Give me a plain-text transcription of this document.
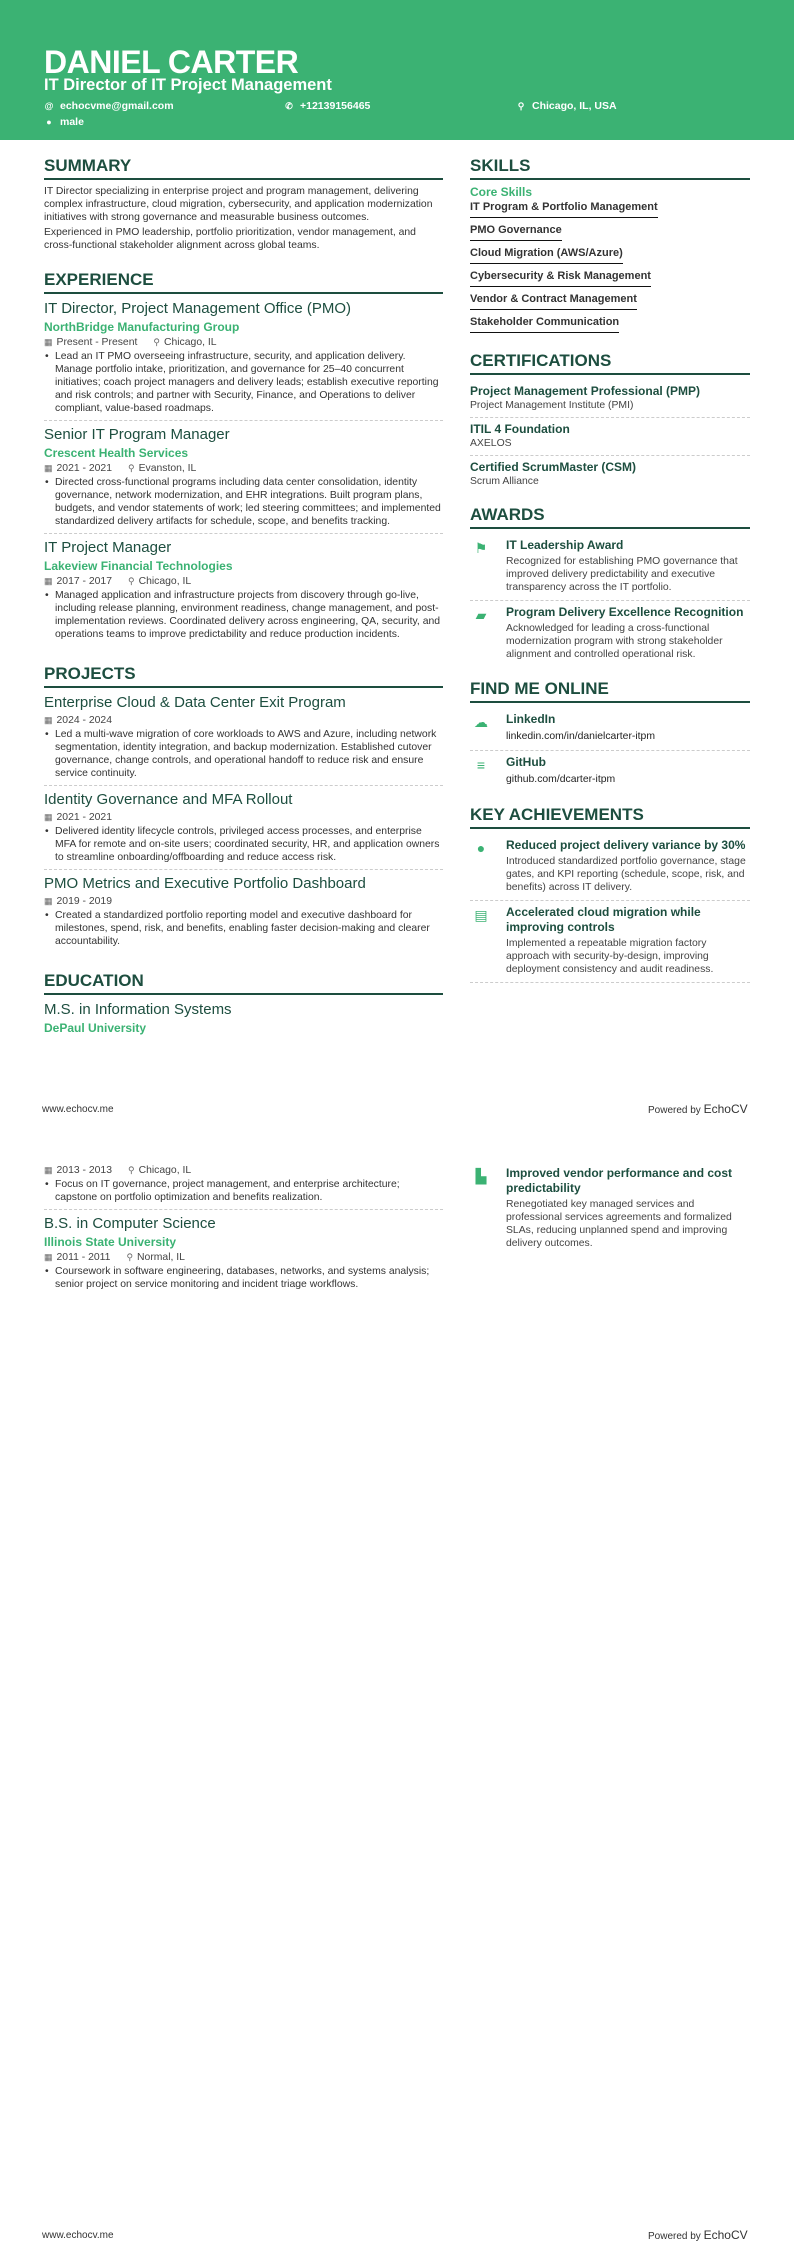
DANIEL CARTER
IT Director of IT Project Management
@ echocvme@gmail.com	✆ +12139156465	⚲ Chicago, IL, USA
● male
SUMMARY

IT Director specializing in enterprise project and program management, delivering complex infrastructure, cloud migration, cybersecurity, and application modernization initiatives with strong governance and measurable business outcomes.

Experienced in PMO leadership, portfolio prioritization, vendor management, and cross-functional stakeholder alignment across global teams.

EXPERIENCE
IT Director, Project Management Office (PMO)
NorthBridge Manufacturing Group
▦ Present - Present ⚲ Chicago, IL
• Lead an IT PMO overseeing infrastructure, security, and application delivery. Manage portfolio intake, prioritization, and governance for 25–40 concurrent initiatives; coach project managers and delivery leads; establish executive reporting and risk controls; and partner with Security, Finance, and Operations to deliver compliant, value-based roadmaps.
Senior IT Program Manager
Crescent Health Services
▦ 2021 - 2021 ⚲ Evanston, IL
• Directed cross-functional programs including data center consolidation, identity governance, network modernization, and EHR integrations. Built program plans, budgets, and vendor statements of work; led steering committees; and implemented standardized delivery artifacts for schedule, scope, and benefits tracking.
IT Project Manager
Lakeview Financial Technologies
▦ 2017 - 2017 ⚲ Chicago, IL
• Managed application and infrastructure projects from discovery through go-live, including release planning, environment readiness, change management, and post-implementation reviews. Coordinated delivery across engineering, QA, security, and operations teams to improve predictability and reduce production incidents.
PROJECTS
Enterprise Cloud & Data Center Exit Program
▦ 2024 - 2024
• Led a multi-wave migration of core workloads to AWS and Azure, including network segmentation, identity integration, and backup modernization. Established cutover governance, change controls, and operational handoff to reduce risk and ensure service continuity.
Identity Governance and MFA Rollout
▦ 2021 - 2021
• Delivered identity lifecycle controls, privileged access processes, and enterprise MFA for remote and on-site users; coordinated security, HR, and application owners to streamline onboarding/offboarding and reduce access risk.
PMO Metrics and Executive Portfolio Dashboard
▦ 2019 - 2019
• Created a standardized portfolio reporting model and executive dashboard for milestones, spend, risk, and benefits, enabling faster decision-making and clearer accountability.
EDUCATION
M.S. in Information Systems
DePaul University
SKILLS
Core Skills
IT Program & Portfolio Management
PMO Governance
Cloud Migration (AWS/Azure)
Cybersecurity & Risk Management
Vendor & Contract Management
Stakeholder Communication
CERTIFICATIONS
Project Management Professional (PMP)
Project Management Institute (PMI)
ITIL 4 Foundation
AXELOS
Certified ScrumMaster (CSM)
Scrum Alliance
AWARDS
⚑	IT Leadership Award
Recognized for establishing PMO governance that improved delivery predictability and executive transparency across the IT portfolio.
▰	Program Delivery Excellence Recognition
Acknowledged for leading a cross-functional modernization program with strong stakeholder alignment and controlled operational risk.
FIND ME ONLINE
☁	LinkedIn
linkedin.com/in/danielcarter-itpm
≡	GitHub
github.com/dcarter-itpm
KEY ACHIEVEMENTS
●	Reduced project delivery variance by 30%
Introduced standardized portfolio governance, stage gates, and KPI reporting (schedule, scope, risk, and benefits) across IT delivery.
▤	Accelerated cloud migration while improving controls
Implemented a repeatable migration factory approach with security-by-design, improving deployment consistency and audit readiness.
www.echocv.me	Powered by EchoCV
▦ 2013 - 2013 ⚲ Chicago, IL
• Focus on IT governance, project management, and enterprise architecture; capstone on portfolio optimization and benefits realization.
B.S. in Computer Science
Illinois State University
▦ 2011 - 2011 ⚲ Normal, IL
• Coursework in software engineering, databases, networks, and systems analysis; senior project on service monitoring and incident triage workflows.
▙	Improved vendor performance and cost predictability
Renegotiated key managed services and professional services agreements and formalized SLAs, reducing unplanned spend and improving delivery outcomes.
www.echocv.me	Powered by EchoCV
